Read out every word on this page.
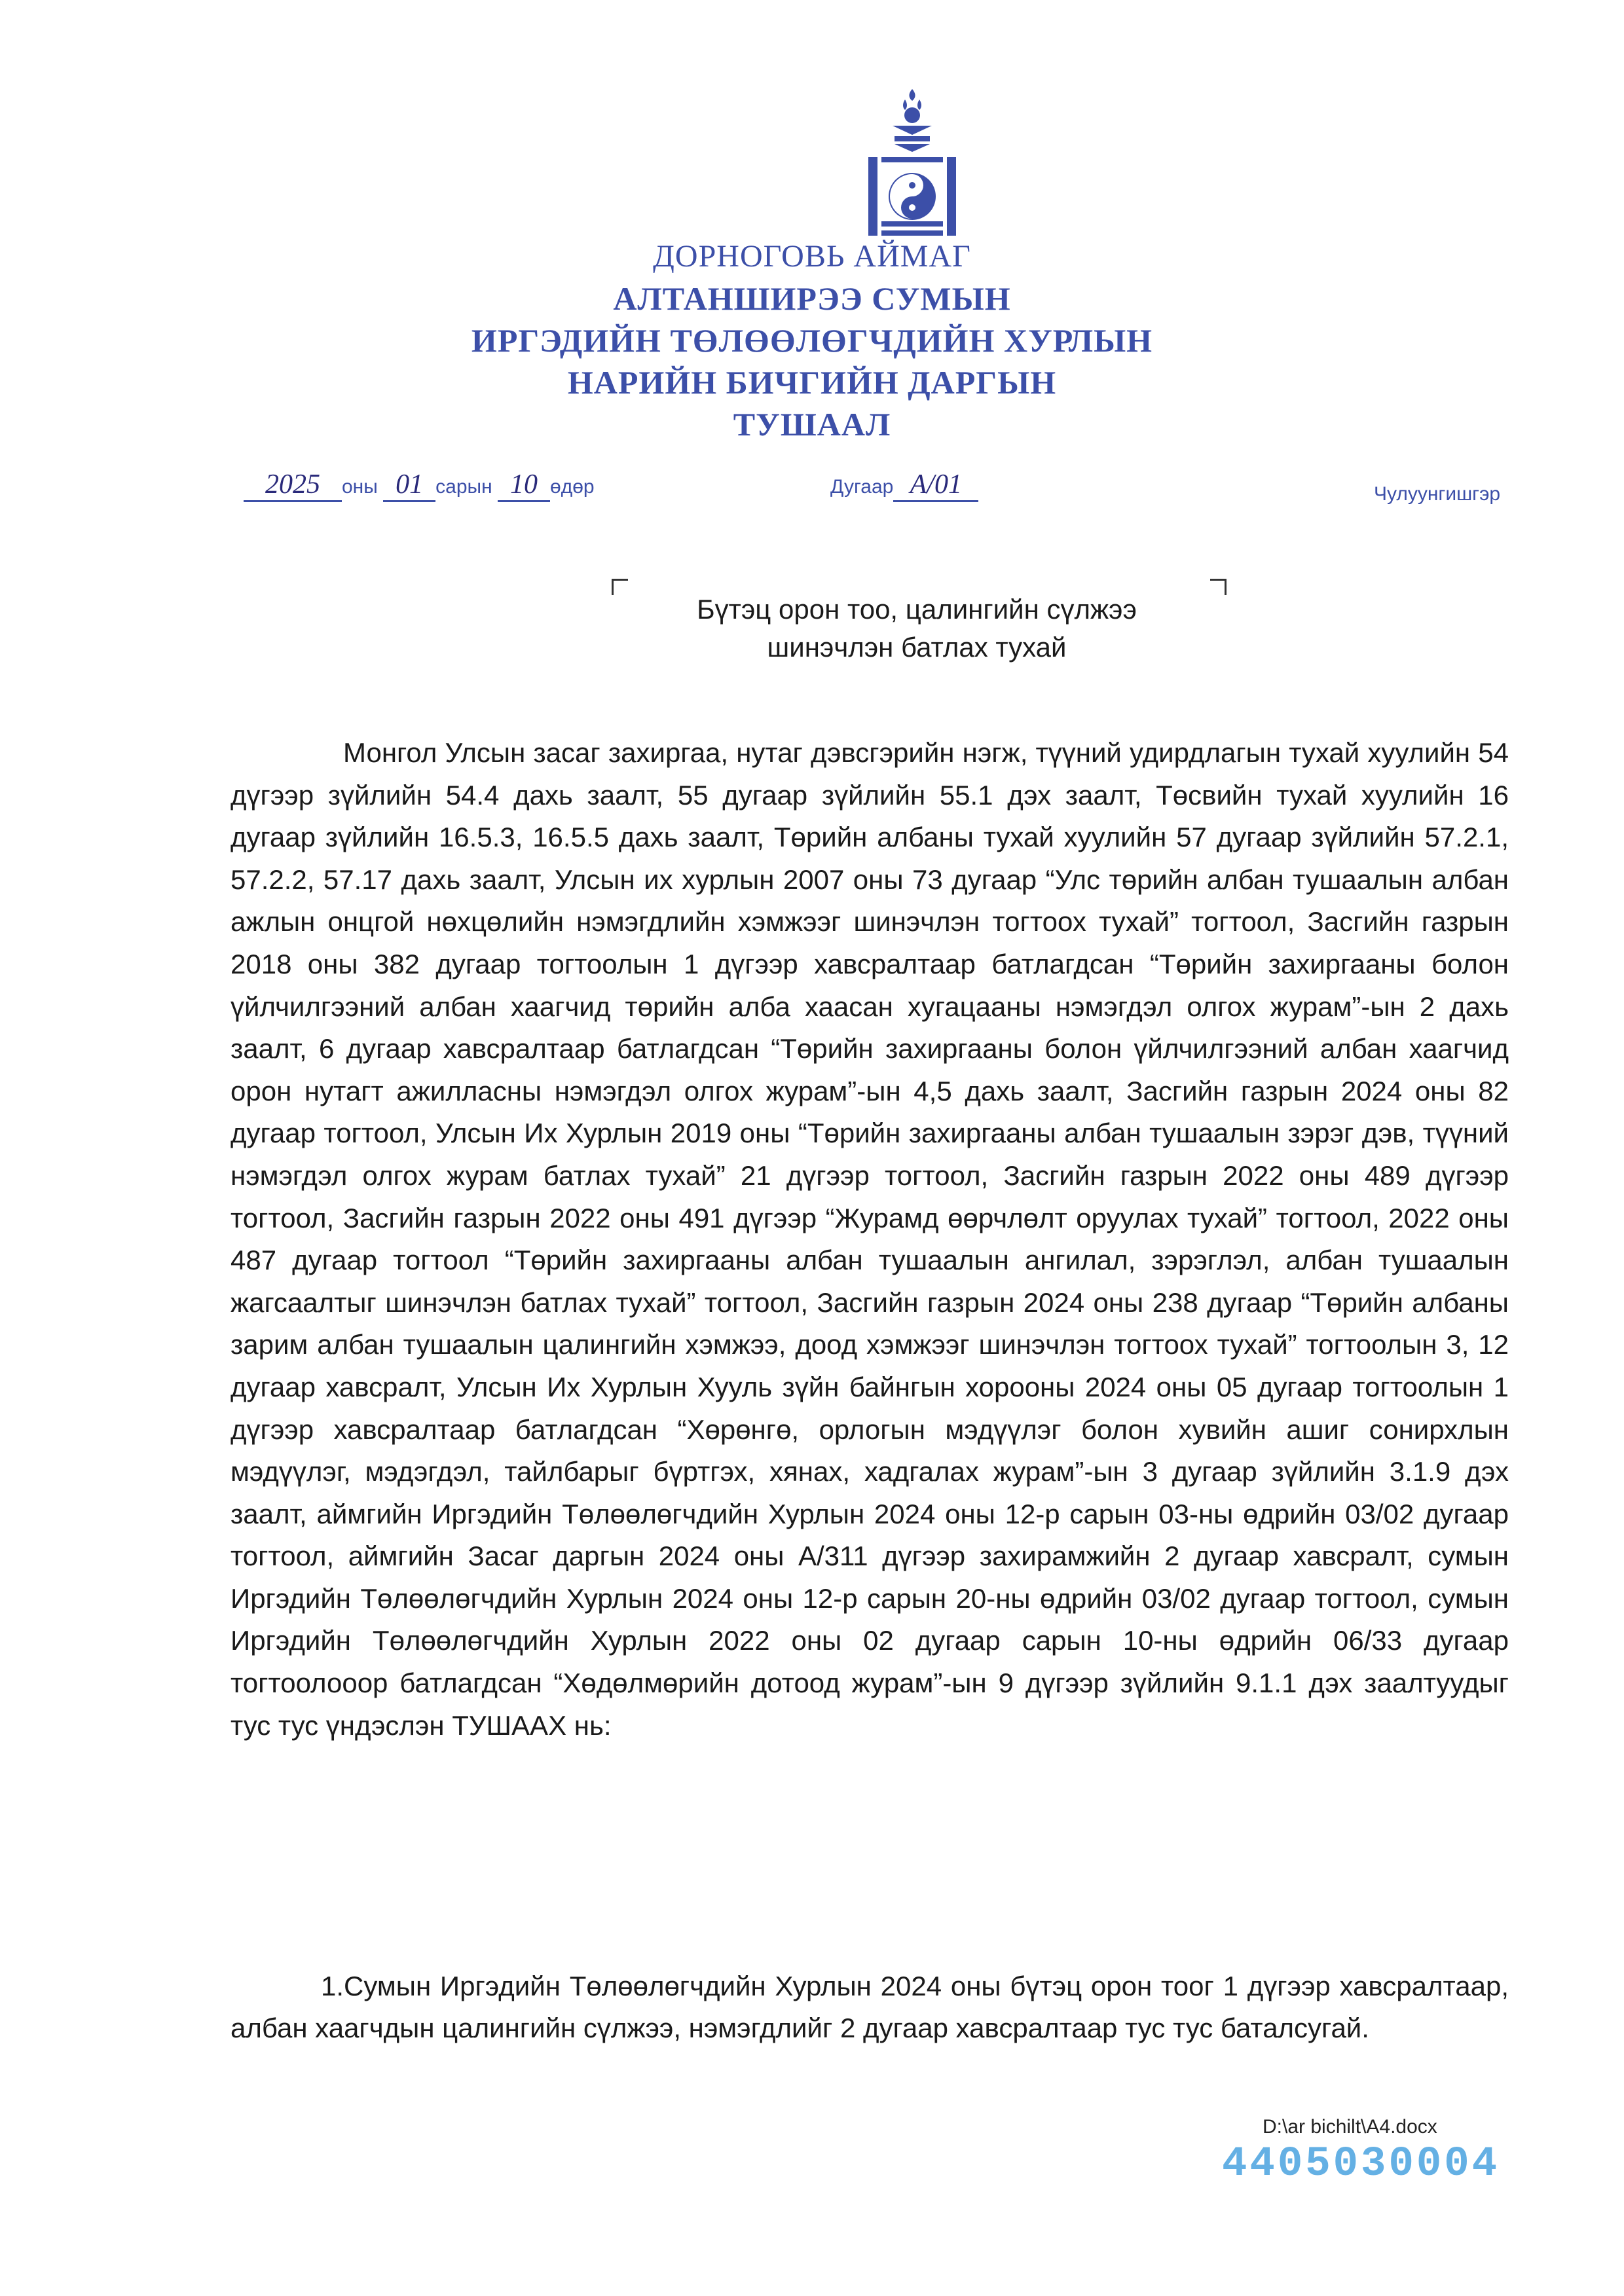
ДОРНОГОВЬ АЙМАГ
АЛТАНШИРЭЭ СУМЫН
ИРГЭДИЙН ТӨЛӨӨЛӨГЧДИЙН ХУРЛЫН
НАРИЙН БИЧГИЙН ДАРГЫН
ТУШААЛ
2025 оны 01 сарын 10 өдөр	Дугаар А/01	Чулуунгишгэр
Бүтэц орон тоо, цалингийн сүлжээ
шинэчлэн батлах тухай
Монгол Улсын засаг захиргаа, нутаг дэвсгэрийн нэгж, түүний удирдлагын тухай хуулийн 54 дүгээр зүйлийн 54.4 дахь заалт, 55 дугаар зүйлийн 55.1 дэх заалт, Төсвийн тухай хуулийн 16 дугаар зүйлийн 16.5.3, 16.5.5 дахь заалт, Төрийн албаны тухай хуулийн 57 дугаар зүйлийн 57.2.1, 57.2.2, 57.17 дахь заалт, Улсын их хурлын 2007 оны 73 дугаар “Улс төрийн албан тушаалын албан ажлын онцгой нөхцөлийн нэмэгдлийн хэмжээг шинэчлэн тогтоох тухай” тогтоол, Засгийн газрын 2018 оны 382 дугаар тогтоолын 1 дүгээр хавсралтаар батлагдсан “Төрийн захиргааны болон үйлчилгээний албан хаагчид төрийн алба хаасан хугацааны нэмэгдэл олгох журам”-ын 2 дахь заалт, 6 дугаар хавсралтаар батлагдсан “Төрийн захиргааны болон үйлчилгээний албан хаагчид орон нутагт ажилласны нэмэгдэл олгох журам”-ын 4,5 дахь заалт, Засгийн газрын 2024 оны 82 дугаар тогтоол, Улсын Их Хурлын 2019 оны “Төрийн захиргааны албан тушаалын зэрэг дэв, түүний нэмэгдэл олгох журам батлах тухай” 21 дүгээр тогтоол, Засгийн газрын 2022 оны 489 дүгээр тогтоол, Засгийн газрын 2022 оны 491 дүгээр “Журамд өөрчлөлт оруулах тухай” тогтоол, 2022 оны 487 дугаар тогтоол “Төрийн захиргааны албан тушаалын ангилал, зэрэглэл, албан тушаалын жагсаалтыг шинэчлэн батлах тухай” тогтоол, Засгийн газрын 2024 оны 238 дугаар “Төрийн албаны зарим албан тушаалын цалингийн хэмжээ, доод хэмжээг шинэчлэн тогтоох тухай” тогтоолын 3, 12 дугаар хавсралт, Улсын Их Хурлын Хууль зүйн байнгын хорооны 2024 оны 05 дугаар тогтоолын 1 дүгээр хавсралтаар батлагдсан “Хөрөнгө, орлогын мэдүүлэг болон хувийн ашиг сонирхлын мэдүүлэг, мэдэгдэл, тайлбарыг бүртгэх, хянах, хадгалах журам”-ын 3 дугаар зүйлийн 3.1.9 дэх заалт, аймгийн Иргэдийн Төлөөлөгчдийн Хурлын 2024 оны 12-р сарын 03-ны өдрийн 03/02 дугаар тогтоол, аймгийн Засаг даргын 2024 оны А/311 дүгээр захирамжийн 2 дугаар хавсралт, сумын Иргэдийн Төлөөлөгчдийн Хурлын 2024 оны 12-р сарын 20-ны өдрийн 03/02 дугаар тогтоол, сумын Иргэдийн Төлөөлөгчдийн Хурлын 2022 оны 02 дугаар сарын 10-ны өдрийн 06/33 дугаар тогтоолооор батлагдсан “Хөдөлмөрийн дотоод журам”-ын 9 дүгээр зүйлийн 9.1.1 дэх заалтуудыг тус тус үндэслэн ТУШААХ нь:
1.Сумын Иргэдийн Төлөөлөгчдийн Хурлын 2024 оны бүтэц орон тоог 1 дүгээр хавсралтаар, албан хаагчдын цалингийн сүлжээ, нэмэгдлийг 2 дугаар хавсралтаар тус тус баталсугай.
D:\ar bichilt\A4.docx
4405030004
